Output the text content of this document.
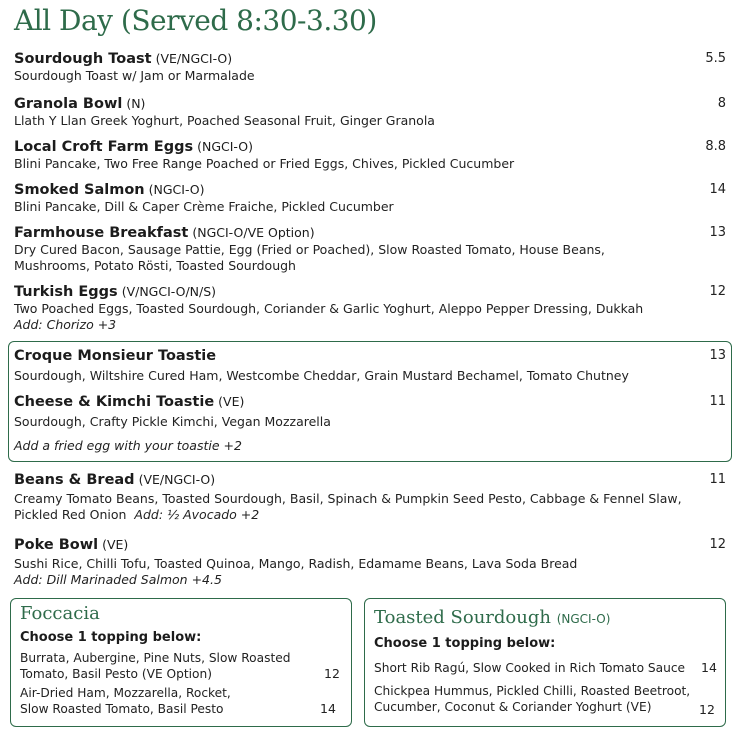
All Day (Served 8:30-3.30)
Sourdough Toast (VE/NGCI-O)
Sourdough Toast w/ Jam or Marmalade
5.5
Granola Bowl (N)
Llath Y Llan Greek Yoghurt, Poached Seasonal Fruit, Ginger Granola
8
Local Croft Farm Eggs (NGCI-O)
Blini Pancake, Two Free Range Poached or Fried Eggs, Chives, Pickled Cucumber
8.8
Smoked Salmon (NGCI-O)
Blini Pancake, Dill & Caper Crème Fraiche, Pickled Cucumber
14
Farmhouse Breakfast (NGCI-O/VE Option)
Dry Cured Bacon, Sausage Pattie, Egg (Fried or Poached), Slow Roasted Tomato, House Beans,
Mushrooms, Potato Rösti, Toasted Sourdough
13
Turkish Eggs (V/NGCI-O/N/S)
Two Poached Eggs, Toasted Sourdough, Coriander & Garlic Yoghurt, Aleppo Pepper Dressing, Dukkah
Add: Chorizo +3
12
Croque Monsieur Toastie
Sourdough, Wiltshire Cured Ham, Westcombe Cheddar, Grain Mustard Bechamel, Tomato Chutney
13
Cheese & Kimchi Toastie (VE)
Sourdough, Crafty Pickle Kimchi, Vegan Mozzarella
11
Add a fried egg with your toastie +2
Beans & Bread (VE/NGCI-O)
Creamy Tomato Beans, Toasted Sourdough, Basil, Spinach & Pumpkin Seed Pesto, Cabbage & Fennel Slaw,
Pickled Red Onion Add: ½ Avocado +2
11
Poke Bowl (VE)
Sushi Rice, Chilli Tofu, Toasted Quinoa, Mango, Radish, Edamame Beans, Lava Soda Bread
Add: Dill Marinaded Salmon +4.5
12
Foccacia
Choose 1 topping below:
Burrata, Aubergine, Pine Nuts, Slow Roasted
Tomato, Basil Pesto (VE Option)	12
Air-Dried Ham, Mozzarella, Rocket,
Slow Roasted Tomato, Basil Pesto	14
Toasted Sourdough (NGCI-O)
Choose 1 topping below:
Short Rib Ragú, Slow Cooked in Rich Tomato Sauce 14
Chickpea Hummus, Pickled Chilli, Roasted Beetroot,
Cucumber, Coconut & Coriander Yoghurt (VE)	12
